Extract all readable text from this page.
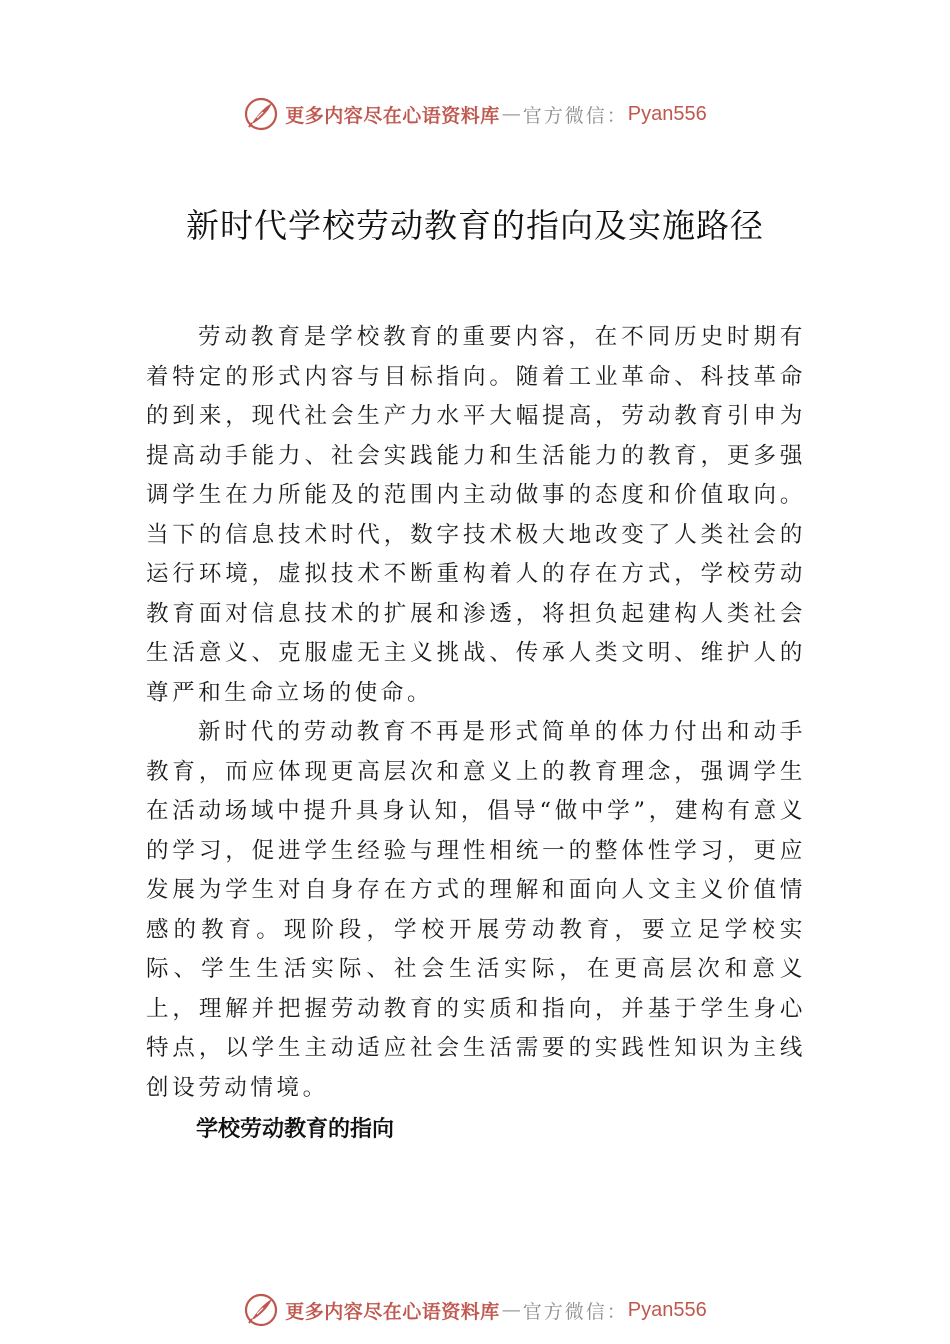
更多内容尽在心语资料库 — 官方微信： Pyan556
新时代学校劳动教育的指向及实施路径

劳动教育是学校教育的重要内容，在不同历史时期有着特定的形式内容与目标指向。随着工业革命、科技革命的到来，现代社会生产力水平大幅提高，劳动教育引申为提高动手能力、社会实践能力和生活能力的教育，更多强调学生在力所能及的范围内主动做事的态度和价值取向。当下的信息技术时代，数字技术极大地改变了人类社会的运行环境，虚拟技术不断重构着人的存在方式，学校劳动教育面对信息技术的扩展和渗透，将担负起建构人类社会生活意义、克服虚无主义挑战、传承人类文明、维护人的尊严和生命立场的使命。

新时代的劳动教育不再是形式简单的体力付出和动手教育，而应体现更高层次和意义上的教育理念，强调学生在活动场域中提升具身认知，倡导“做中学”，建构有意义的学习，促进学生经验与理性相统一的整体性学习，更应发展为学生对自身存在方式的理解和面向人文主义价值情感的教育。现阶段，学校开展劳动教育，要立足学校实际、学生生活实际、社会生活实际，在更高层次和意义上，理解并把握劳动教育的实质和指向，并基于学生身心特点，以学生主动适应社会生活需要的实践性知识为主线创设劳动情境。

学校劳动教育的指向
更多内容尽在心语资料库 — 官方微信： Pyan556
